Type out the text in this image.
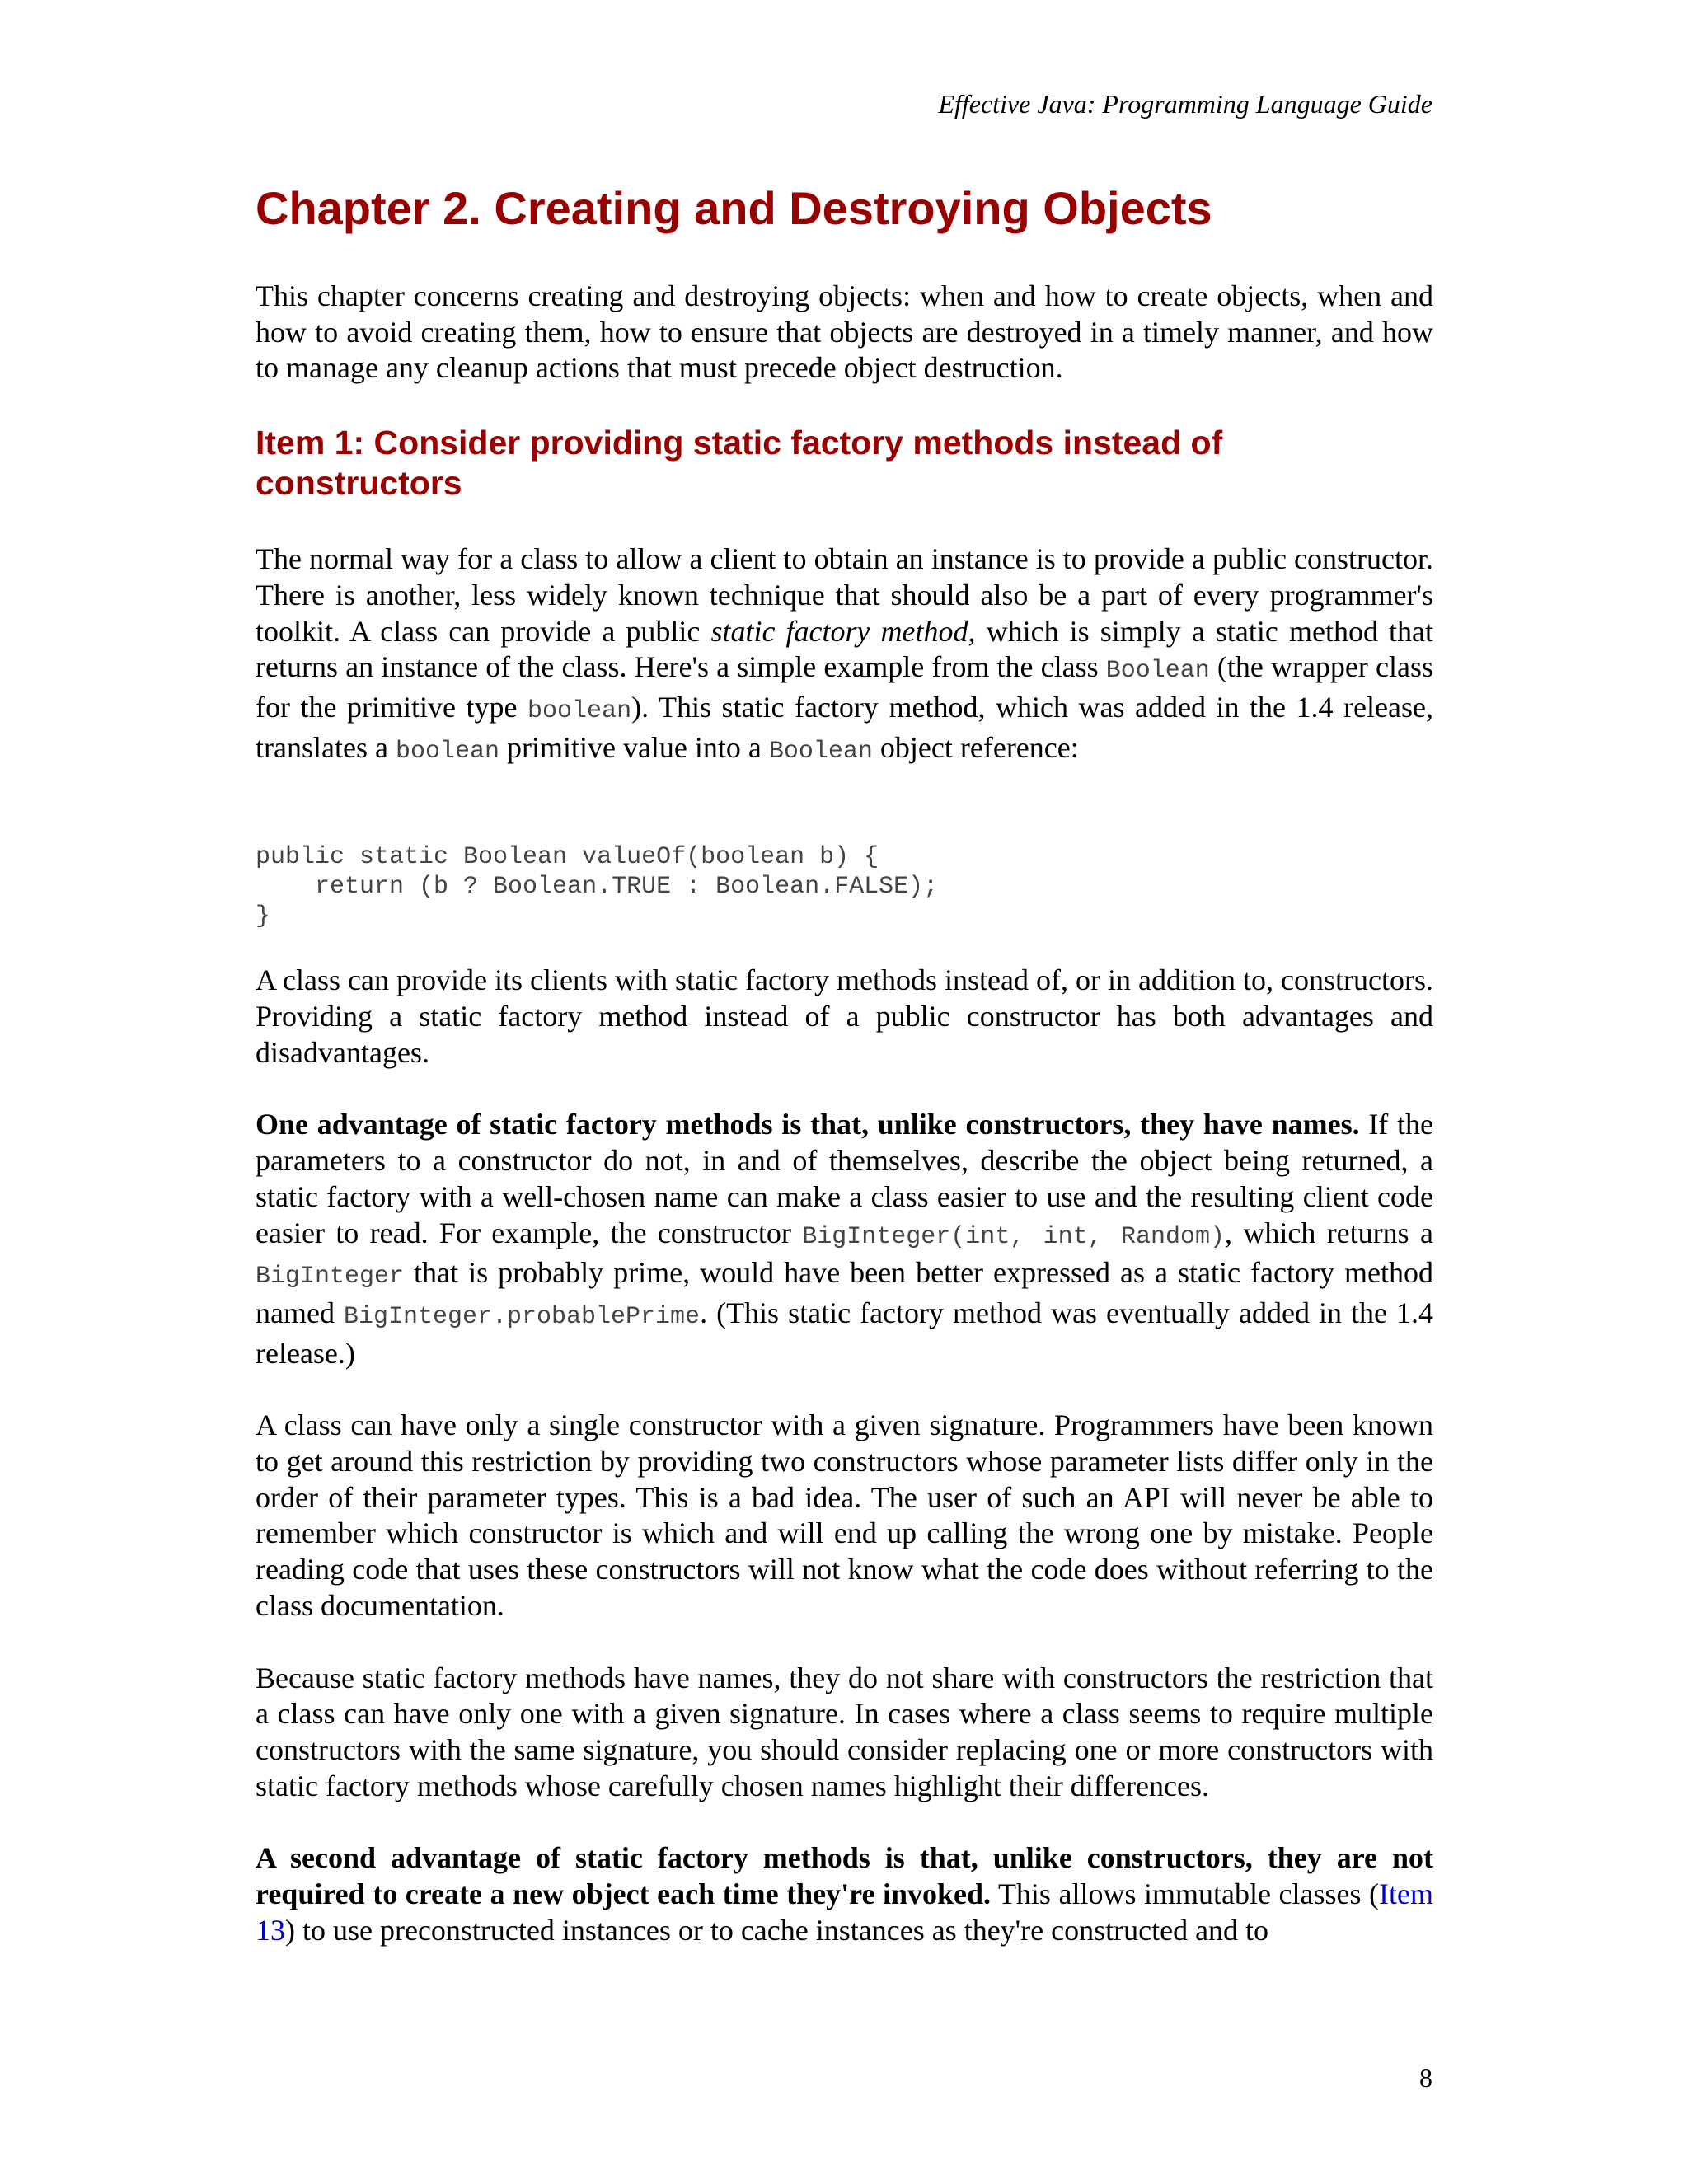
Effective Java: Programming Language Guide
Chapter 2. Creating and Destroying Objects

This chapter concerns creating and destroying objects: when and how to create objects, when and how to avoid creating them, how to ensure that objects are destroyed in a timely manner, and how to manage any cleanup actions that must precede object destruction.

Item 1: Consider providing static factory methods instead of constructors

The normal way for a class to allow a client to obtain an instance is to provide a public constructor. There is another, less widely known technique that should also be a part of every programmer's toolkit. A class can provide a public static factory method, which is simply a static method that returns an instance of the class. Here's a simple example from the class Boolean (the wrapper class for the primitive type boolean). This static factory method, which was added in the 1.4 release, translates a boolean primitive value into a Boolean object reference:

public static Boolean valueOf(boolean b) {
return (b ? Boolean.TRUE : Boolean.FALSE);
}

A class can provide its clients with static factory methods instead of, or in addition to, constructors. Providing a static factory method instead of a public constructor has both advantages and disadvantages.

One advantage of static factory methods is that, unlike constructors, they have names. If the parameters to a constructor do not, in and of themselves, describe the object being returned, a static factory with a well-chosen name can make a class easier to use and the resulting client code easier to read. For example, the constructor BigInteger(int, int, Random), which returns a BigInteger that is probably prime, would have been better expressed as a static factory method named BigInteger.probablePrime. (This static factory method was eventually added in the 1.4 release.)

A class can have only a single constructor with a given signature. Programmers have been known to get around this restriction by providing two constructors whose parameter lists differ only in the order of their parameter types. This is a bad idea. The user of such an API will never be able to remember which constructor is which and will end up calling the wrong one by mistake. People reading code that uses these constructors will not know what the code does without referring to the class documentation.

Because static factory methods have names, they do not share with constructors the restriction that a class can have only one with a given signature. In cases where a class seems to require multiple constructors with the same signature, you should consider replacing one or more constructors with static factory methods whose carefully chosen names highlight their differences.

A second advantage of static factory methods is that, unlike constructors, they are not required to create a new object each time they're invoked. This allows immutable classes (Item 13) to use preconstructed instances or to cache instances as they're constructed and to

8
